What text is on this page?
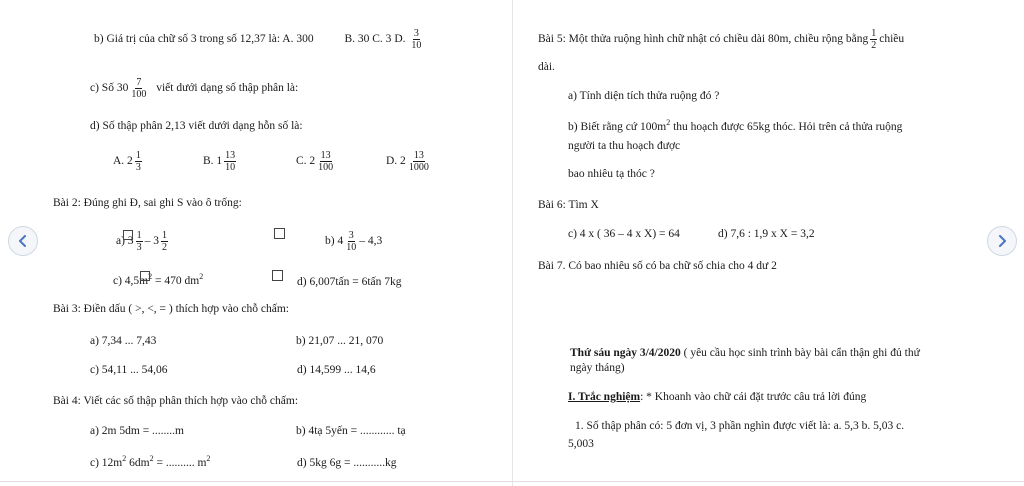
b) Giá trị của chữ số 3 trong số 12,37 là: A. 300	B. 30 C. 3 D. $\frac{3}{10}$
c) Số $30 \frac{7}{100}$ viết dưới dạng số thập phân là:
d) Số thập phân 2,13 viết dưới dạng hỗn số là:
A. $2 \frac{1}{3}$	B. $1 \frac{13}{10}$	C. $2 \frac{13}{100}$	D. $2 \frac{13}{1000}$
Bài 2: Đúng ghi Đ, sai ghi S vào ô trống:
a) $3 \frac{1}{3} - 3 \frac{1}{2}$	b) $4 \frac{3}{10} - 4,3$
c) $4,5m^2 = 470$ $dm^2$	d) 6,007tấn = 6tấn 7kg
Bài 3: Điền dấu ( >, <, = ) thích hợp vào chỗ chấm:
a) 7,34 ... 7,43	b) 21,07 ... 21, 070
c) 54,11 ... 54,06	d) 14,599 ... 14,6
Bài 4: Viết các số thập phân thích hợp vào chỗ chấm:
a) 2m 5dm = ........m	b) 4tạ 5yến = ............ tạ
c) $12m^2$ $6dm^2$ = .......... $m^2$	d) 5kg 6g = ...........kg
Bài 5: Một thửa ruộng hình chữ nhật có chiều dài 80m, chiều rộng bằng $\frac{1}{2}$ chiều
dài.
a) Tính diện tích thửa ruộng đó ?
b) Biết rằng cứ $100m^2$ thu hoạch được 65kg thóc. Hỏi trên cả thửa ruộng
người ta thu hoạch được
bao nhiêu tạ thóc ?
Bài 6: Tìm X
c) 4 x ( 36 – 4 x X) = 64	d) 7,6 : 1,9 x X = 3,2
Bài 7. Có bao nhiêu số có ba chữ số chia cho 4 dư 2
Thứ sáu ngày 3/4/2020 ( yêu cầu học sinh trình bày bài cẩn thận ghi đủ thứ
ngày tháng)
I. Trắc nghiệm: * Khoanh vào chữ cái đặt trước câu trả lời đúng
1. Số thập phân có: 5 đơn vị, 3 phần nghìn được viết là: a. 5,3 b. 5,03 c.
5,003
